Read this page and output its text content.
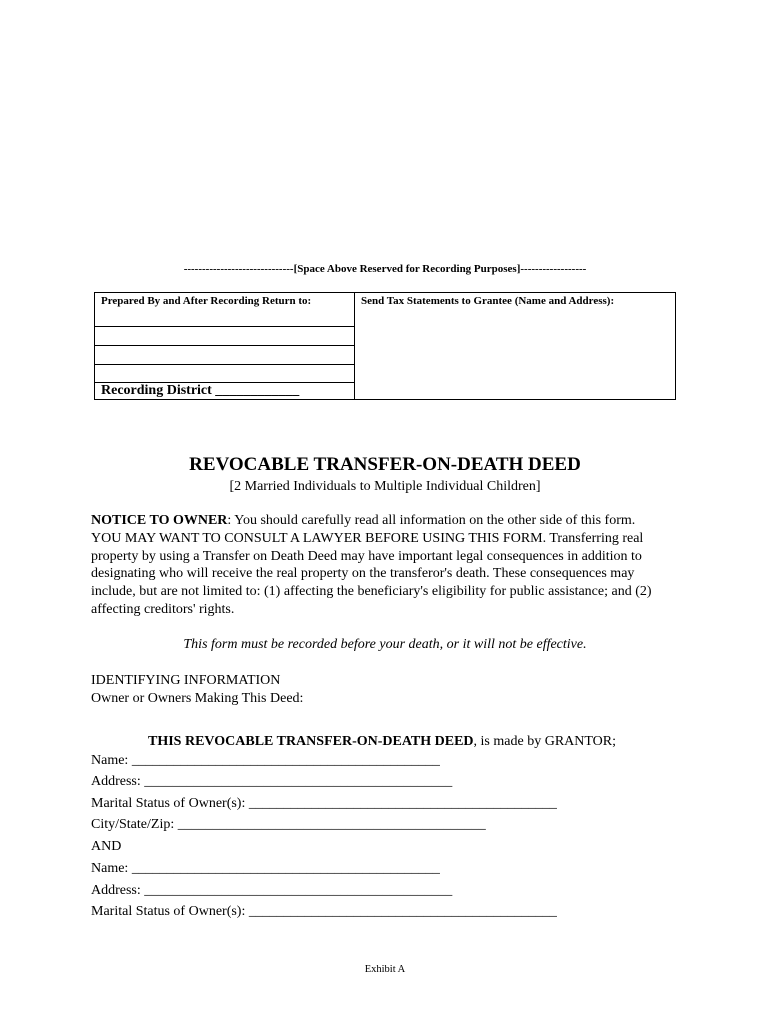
------------------------------[Space Above Reserved for Recording Purposes]------------------
Prepared By and After Recording Return to:
Recording District ____________
Send Tax Statements to Grantee (Name and Address):
REVOCABLE TRANSFER-ON-DEATH DEED
[2 Married Individuals to Multiple Individual Children]
NOTICE TO OWNER: You should carefully read all information on the other side of this form. YOU MAY WANT TO CONSULT A LAWYER BEFORE USING THIS FORM. Transferring real property by using a Transfer on Death Deed may have important legal consequences in addition to designating who will receive the real property on the transferor's death. These consequences may include, but are not limited to: (1) affecting the beneficiary's eligibility for public assistance; and (2) affecting creditors' rights.
This form must be recorded before your death, or it will not be effective.
IDENTIFYING INFORMATION
Owner or Owners Making This Deed:
THIS REVOCABLE TRANSFER-ON-DEATH DEED, is made by GRANTOR;
Name: ____________________________________________
Address: ____________________________________________
Marital Status of Owner(s): ____________________________________________
City/State/Zip: ____________________________________________
AND
Name: ____________________________________________
Address: ____________________________________________
Marital Status of Owner(s): ____________________________________________
Exhibit A
